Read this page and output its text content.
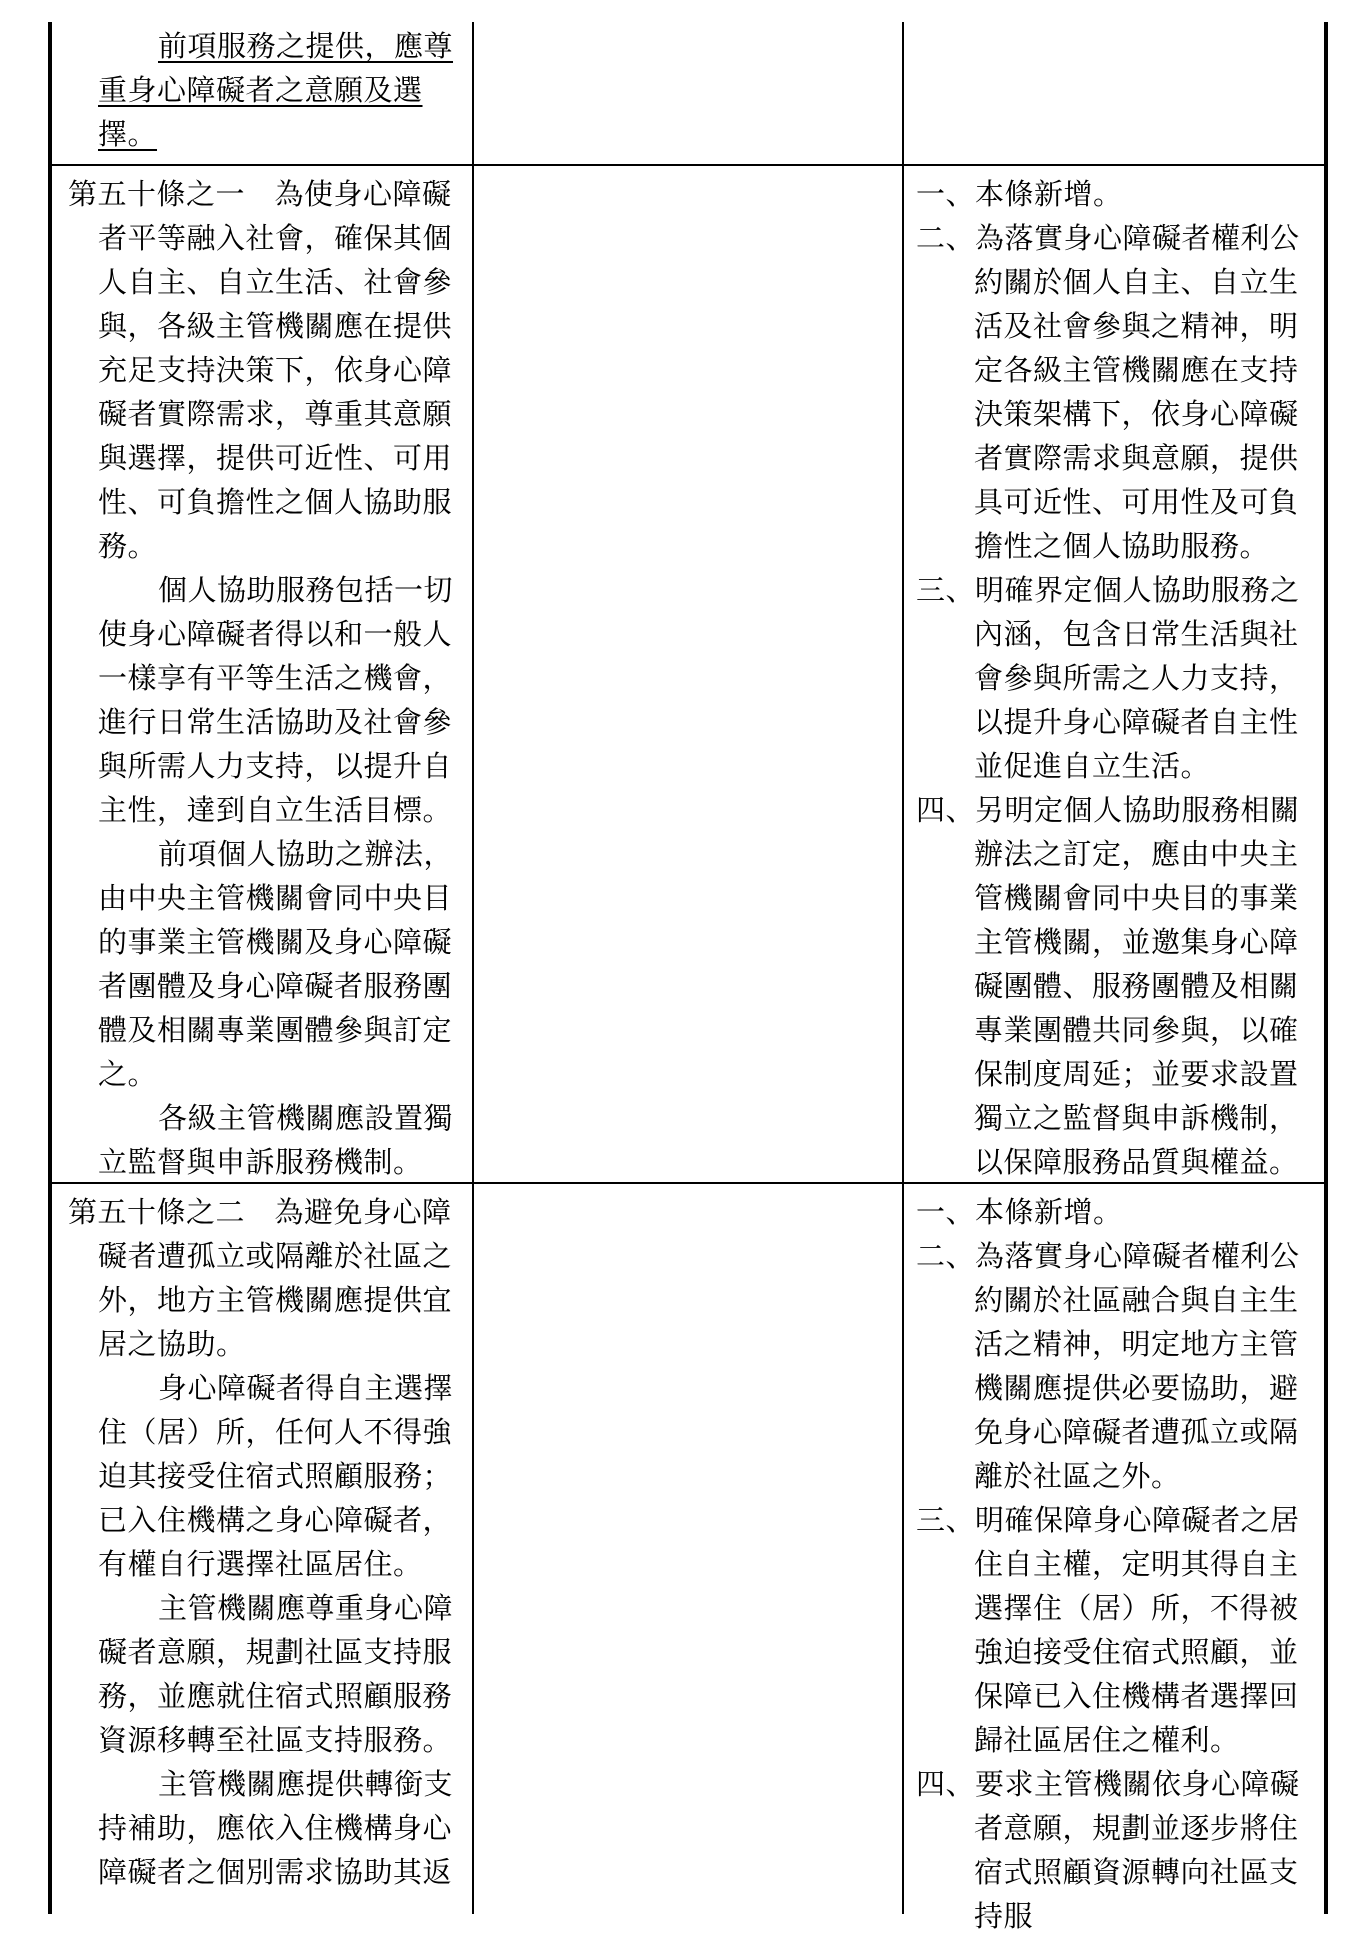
前項服務之提供，應尊重身心障礙者之意願及選擇。

第五十條之一　為使身心障礙者平等融入社會，確保其個人自主、自立生活、社會參與，各級主管機關應在提供充足支持決策下，依身心障礙者實際需求，尊重其意願與選擇，提供可近性、可用性、可負擔性之個人協助服務。

個人協助服務包括一切使身心障礙者得以和一般人一樣享有平等生活之機會，進行日常生活協助及社會參與所需人力支持，以提升自主性，達到自立生活目標。

前項個人協助之辦法，由中央主管機關會同中央目的事業主管機關及身心障礙者團體及身心障礙者服務團體及相關專業團體參與訂定之。

各級主管機關應設置獨立監督與申訴服務機制。

一、本條新增。

二、為落實身心障礙者權利公約關於個人自主、自立生活及社會參與之精神，明定各級主管機關應在支持決策架構下，依身心障礙者實際需求與意願，提供具可近性、可用性及可負擔性之個人協助服務。

三、明確界定個人協助服務之內涵，包含日常生活與社會參與所需之人力支持，以提升身心障礙者自主性並促進自立生活。

四、另明定個人協助服務相關辦法之訂定，應由中央主管機關會同中央目的事業主管機關，並邀集身心障礙團體、服務團體及相關專業團體共同參與，以確保制度周延；並要求設置獨立之監督與申訴機制，以保障服務品質與權益。

第五十條之二　為避免身心障礙者遭孤立或隔離於社區之外，地方主管機關應提供宜居之協助。

身心障礙者得自主選擇住（居）所，任何人不得強迫其接受住宿式照顧服務；已入住機構之身心障礙者，有權自行選擇社區居住。

主管機關應尊重身心障礙者意願，規劃社區支持服務，並應就住宿式照顧服務資源移轉至社區支持服務。

主管機關應提供轉銜支持補助，應依入住機構身心障礙者之個別需求協助其返

一、本條新增。

二、為落實身心障礙者權利公約關於社區融合與自主生活之精神，明定地方主管機關應提供必要協助，避免身心障礙者遭孤立或隔離於社區之外。

三、明確保障身心障礙者之居住自主權，定明其得自主選擇住（居）所，不得被強迫接受住宿式照顧，並保障已入住機構者選擇回歸社區居住之權利。

四、要求主管機關依身心障礙者意願，規劃並逐步將住宿式照顧資源轉向社區支持服
